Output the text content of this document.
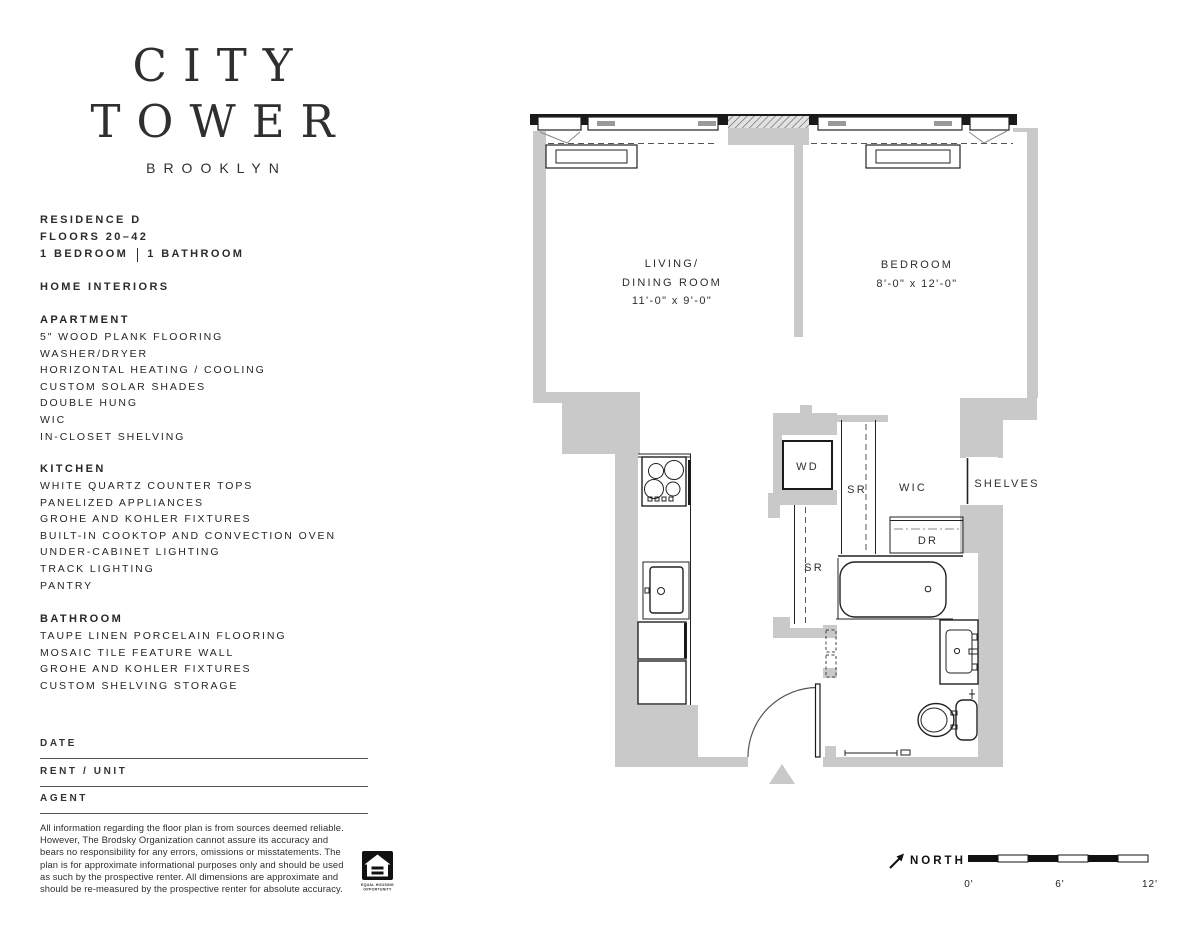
CITY
TOWER
BROOKLYN
RESIDENCE D
FLOORS 20–42
1 BEDROOM 1 BATHROOM
HOME INTERIORS
APARTMENT
5" WOOD PLANK FLOORING
WASHER/DRYER
HORIZONTAL HEATING / COOLING
CUSTOM SOLAR SHADES
DOUBLE HUNG
WIC
IN-CLOSET SHELVING
KITCHEN
WHITE QUARTZ COUNTER TOPS
PANELIZED APPLIANCES
GROHE AND KOHLER FIXTURES
BUILT-IN COOKTOP AND CONVECTION OVEN
UNDER-CABINET LIGHTING
TRACK LIGHTING
PANTRY
BATHROOM
TAUPE LINEN PORCELAIN FLOORING
MOSAIC TILE FEATURE WALL
GROHE AND KOHLER FIXTURES
CUSTOM SHELVING STORAGE
DATE
RENT / UNIT
AGENT
All information regarding the floor plan is from sources deemed reliable. However, The Brodsky Organization cannot assure its accuracy and bears no responsibility for any errors, omissions or misstatements. The plan is for approximate informational purposes only and should be used as such by the prospective renter. All dimensions are approximate and should be re-measured by the prospective renter for absolute accuracy.
LIVING/
DINING ROOM
11'-0" x 9'-0"
BEDROOM
8'-0" x 12'-0"
WD
SR	WIC	SHELVES
DR
SR
NORTH
0'	6'	12'
EQUAL HOUSING
OPPORTUNITY
